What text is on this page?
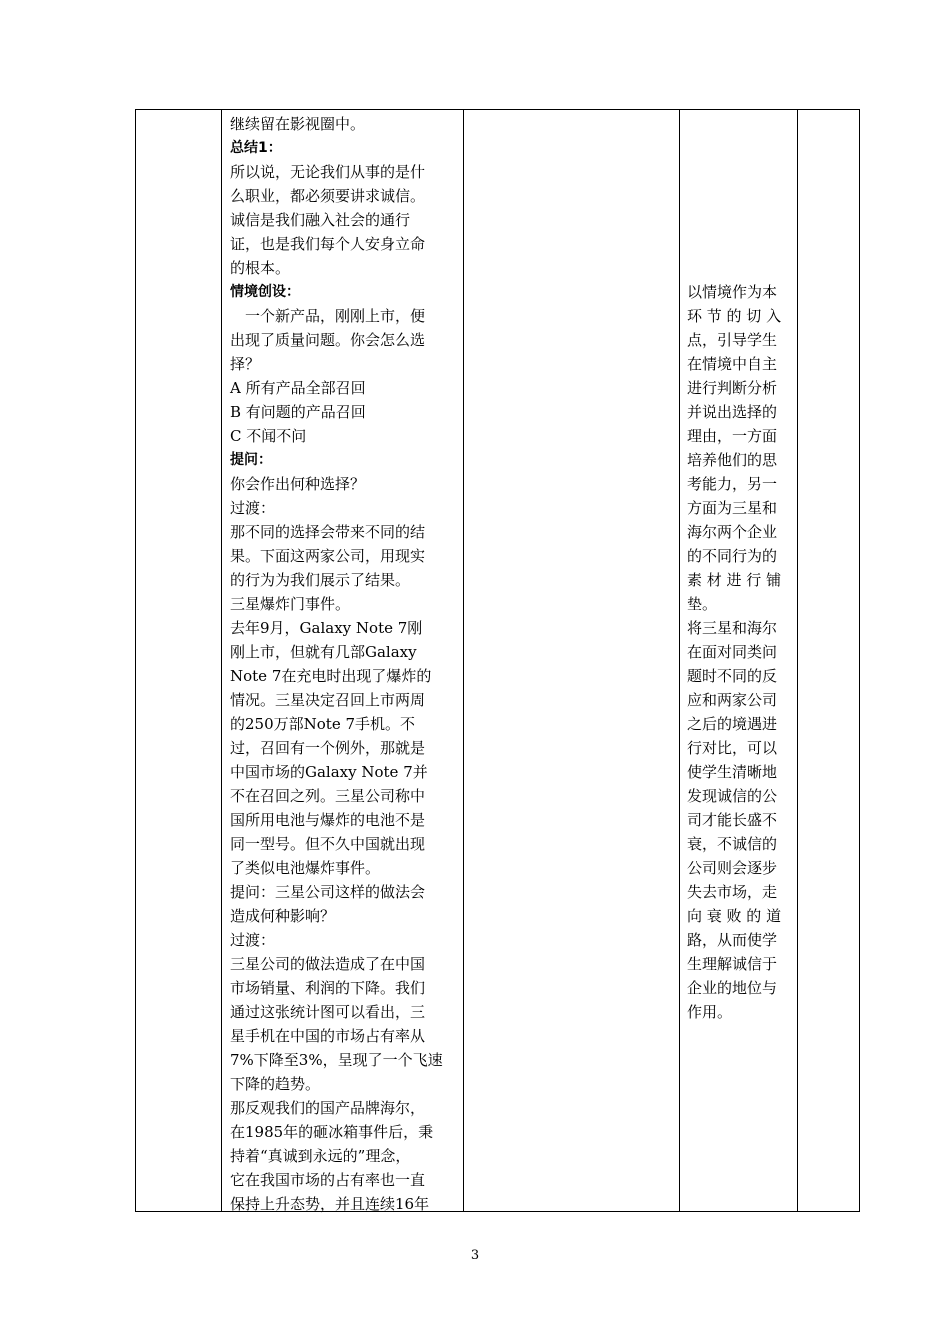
继续留在影视圈中。
总结1：
所以说，无论我们从事的是什
么职业，都必须要讲求诚信。
诚信是我们融入社会的通行
证，也是我们每个人安身立命
的根本。
情境创设：
　一个新产品，刚刚上市，便
出现了质量问题。你会怎么选
择？
A 所有产品全部召回
B 有问题的产品召回
C 不闻不问
提问：
你会作出何种选择？
过渡：
那不同的选择会带来不同的结
果。下面这两家公司，用现实
的行为为我们展示了结果。
三星爆炸门事件。
去年9月，Galaxy Note 7刚
刚上市，但就有几部Galaxy
Note 7在充电时出现了爆炸的
情况。三星决定召回上市两周
的250万部Note 7手机。不
过，召回有一个例外，那就是
中国市场的Galaxy Note 7并
不在召回之列。三星公司称中
国所用电池与爆炸的电池不是
同一型号。但不久中国就出现
了类似电池爆炸事件。
提问：三星公司这样的做法会
造成何种影响？
过渡：
三星公司的做法造成了在中国
市场销量、利润的下降。我们
通过这张统计图可以看出，三
星手机在中国的市场占有率从
7%下降至3%，呈现了一个飞速
下降的趋势。
那反观我们的国产品牌海尔，
在1985年的砸冰箱事件后，秉
持着“真诚到永远的”理念，
它在我国市场的占有率也一直
保持上升态势，并且连续16年
以情境作为本
环 节 的 切 入
点，引导学生
在情境中自主
进行判断分析
并说出选择的
理由，一方面
培养他们的思
考能力，另一
方面为三星和
海尔两个企业
的不同行为的
素 材 进 行 铺
垫。
将三星和海尔
在面对同类问
题时不同的反
应和两家公司
之后的境遇进
行对比，可以
使学生清晰地
发现诚信的公
司才能长盛不
衰，不诚信的
公司则会逐步
失去市场，走
向 衰 败 的 道
路，从而使学
生理解诚信于
企业的地位与
作用。
3
